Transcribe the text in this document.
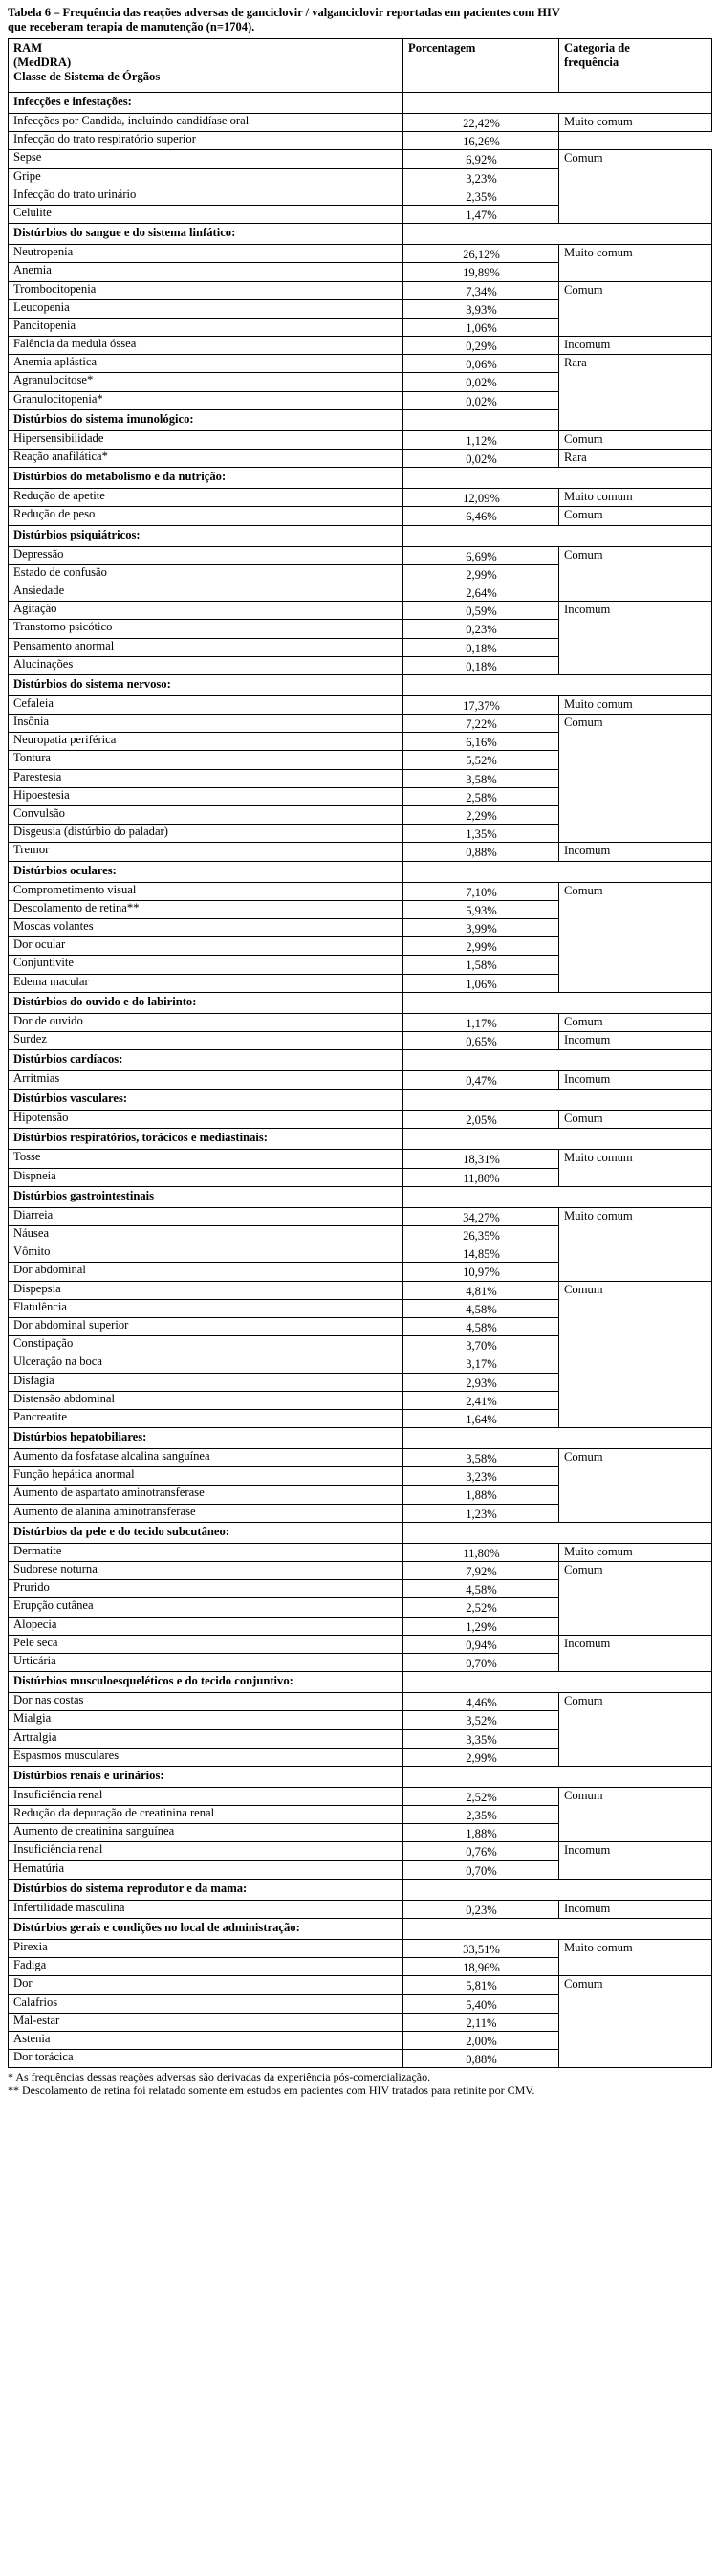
Tabela 6 – Frequência das reações adversas de ganciclovir / valganciclovir reportadas em pacientes com HIV
que receberam terapia de manutenção (n=1704).
RAM
(MedDRA)
Classe de Sistema de Órgãos	Porcentagem	Categoria de
frequência	

Infecções e infestações:			
Infecções por Candida, incluindo candidíase oral	22,42%	Muito comum	
Infecção do trato respiratório superior	16,26%		
Sepse	6,92%	Comum	
Gripe	3,23%		
Infecção do trato urinário	2,35%		
Celulite	1,47%		
Distúrbios do sangue e do sistema linfático:			
Neutropenia	26,12%	Muito comum	
Anemia	19,89%		
Trombocitopenia	7,34%	Comum	
Leucopenia	3,93%		
Pancitopenia	1,06%		
Falência da medula óssea	0,29%	Incomum	
Anemia aplástica	0,06%	Rara	
Agranulocitose*	0,02%		
Granulocitopenia*	0,02%		
Distúrbios do sistema imunológico:			
Hipersensibilidade	1,12%	Comum	
Reação anafilática*	0,02%	Rara	
Distúrbios do metabolismo e da nutrição:			
Redução de apetite	12,09%	Muito comum	
Redução de peso	6,46%	Comum	
Distúrbios psiquiátricos:			
Depressão	6,69%	Comum	
Estado de confusão	2,99%		
Ansiedade	2,64%		
Agitação	0,59%	Incomum	
Transtorno psicótico	0,23%		
Pensamento anormal	0,18%		
Alucinações	0,18%		
Distúrbios do sistema nervoso:			
Cefaleia	17,37%	Muito comum	
Insônia	7,22%	Comum	
Neuropatia periférica	6,16%		
Tontura	5,52%		
Parestesia	3,58%		
Hipoestesia	2,58%		
Convulsão	2,29%		
Disgeusia (distúrbio do paladar)	1,35%		
Tremor	0,88%	Incomum	
Distúrbios oculares:			
Comprometimento visual	7,10%	Comum	
Descolamento de retina**	5,93%		
Moscas volantes	3,99%		
Dor ocular	2,99%		
Conjuntivite	1,58%		
Edema macular	1,06%		
Distúrbios do ouvido e do labirinto:			
Dor de ouvido	1,17%	Comum	
Surdez	0,65%	Incomum	
Distúrbios cardíacos:			
Arritmias	0,47%	Incomum	
Distúrbios vasculares:			
Hipotensão	2,05%	Comum	
Distúrbios respiratórios, torácicos e mediastinais:			
Tosse	18,31%	Muito comum	
Dispneia	11,80%		
Distúrbios gastrointestinais			
Diarreia	34,27%	Muito comum	
Náusea	26,35%		
Vômito	14,85%		
Dor abdominal	10,97%		
Dispepsia	4,81%	Comum	
Flatulência	4,58%		
Dor abdominal superior	4,58%		
Constipação	3,70%		
Ulceração na boca	3,17%		
Disfagia	2,93%		
Distensão abdominal	2,41%		
Pancreatite	1,64%		
Distúrbios hepatobiliares:			
Aumento da fosfatase alcalina sanguínea	3,58%	Comum	
Função hepática anormal	3,23%		
Aumento de aspartato aminotransferase	1,88%		
Aumento de alanina aminotransferase	1,23%		
Distúrbios da pele e do tecido subcutâneo:			
Dermatite	11,80%	Muito comum	
Sudorese noturna	7,92%	Comum	
Prurido	4,58%		
Erupção cutânea	2,52%		
Alopecia	1,29%		
Pele seca	0,94%	Incomum	
Urticária	0,70%		
Distúrbios musculoesqueléticos e do tecido conjuntivo:			
Dor nas costas	4,46%	Comum	
Mialgia	3,52%		
Artralgia	3,35%		
Espasmos musculares	2,99%		
Distúrbios renais e urinários:			
Insuficiência renal	2,52%	Comum	
Redução da depuração de creatinina renal	2,35%		
Aumento de creatinina sanguínea	1,88%		
Insuficiência renal	0,76%	Incomum	
Hematúria	0,70%		
Distúrbios do sistema reprodutor e da mama:			
Infertilidade masculina	0,23%	Incomum	
Distúrbios gerais e condições no local de administração:			
Pirexia	33,51%	Muito comum	
Fadiga	18,96%		
Dor	5,81%	Comum	
Calafrios	5,40%		
Mal-estar	2,11%		
Astenia	2,00%		
Dor torácica	0,88%	
* As frequências dessas reações adversas são derivadas da experiência pós-comercialização.
** Descolamento de retina foi relatado somente em estudos em pacientes com HIV tratados para retinite por CMV.
